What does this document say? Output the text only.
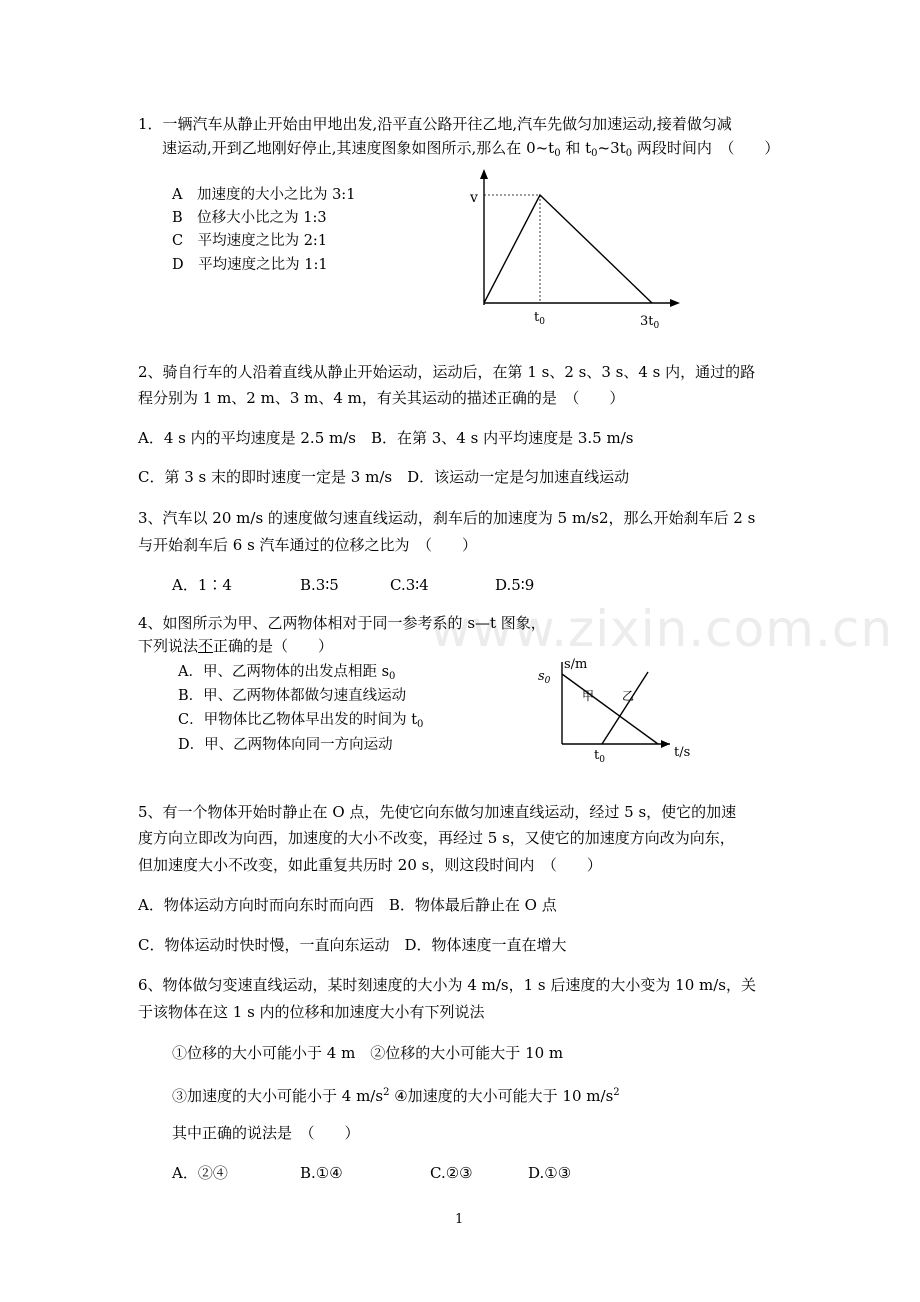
www.zixin.com.cn
1．一辆汽车从静止开始由甲地出发,沿平直公路开往乙地,汽车先做匀加速运动,接着做匀减
速运动,开到乙地刚好停止,其速度图象如图所示,那么在 $0\sim t_0$ 和 $t_0\sim 3t_0$ 两段时间内　（　　）
A　加速度的大小之比为 3:1
B　位移大小比之为 1:3
C　平均速度之比为 2:1
D　平均速度之比为 1:1
v
$t_0$	$3t_0$
2、骑自行车的人沿着直线从静止开始运动，运动后，在第 1 s、2 s、3 s、4 s 内，通过的路
程分别为 1 m、2 m、3 m、4 m，有关其运动的描述正确的是　（　　）
A．4 s 内的平均速度是 2.5 m/s　B．在第 3、4 s 内平均速度是 3.5 m/s
C．第 3 s 末的即时速度一定是 3 m/s　D．该运动一定是匀加速直线运动
3、汽车以 20 m/s 的速度做匀速直线运动，刹车后的加速度为 5 m/s2，那么开始刹车后 2 s
与开始刹车后 6 s 汽车通过的位移之比为　（　　）
A．1∶4	B.3∶5	C.3∶4	D.5∶9
4、如图所示为甲、乙两物体相对于同一参考系的 s—t 图象，
下列说法不正确的是（　　）
A．甲、乙两物体的出发点相距 $s_0$
B．甲、乙两物体都做匀速直线运动
C．甲物体比乙物体早出发的时间为 $t_0$
D．甲、乙两物体向同一方向运动
s/m
$s_0$
甲 乙
$t_0$	t/s
5、有一个物体开始时静止在 O 点，先使它向东做匀加速直线运动，经过 5 s，使它的加速
度方向立即改为向西，加速度的大小不改变，再经过 5 s，又使它的加速度方向改为向东，
但加速度大小不改变，如此重复共历时 20 s，则这段时间内　（　　）
A．物体运动方向时而向东时而向西　B．物体最后静止在 O 点
C．物体运动时快时慢，一直向东运动　D．物体速度一直在增大
6、物体做匀变速直线运动，某时刻速度的大小为 4 m/s，1 s 后速度的大小变为 10 m/s，关
于该物体在这 1 s 内的位移和加速度大小有下列说法
①位移的大小可能小于 4 m　②位移的大小可能大于 10 m
③加速度的大小可能小于 4 $m/s^2$ ④加速度的大小可能大于 10 $m/s^2$
其中正确的说法是　（　　）
A．②④	B.①④	C.②③	D.①③
1
